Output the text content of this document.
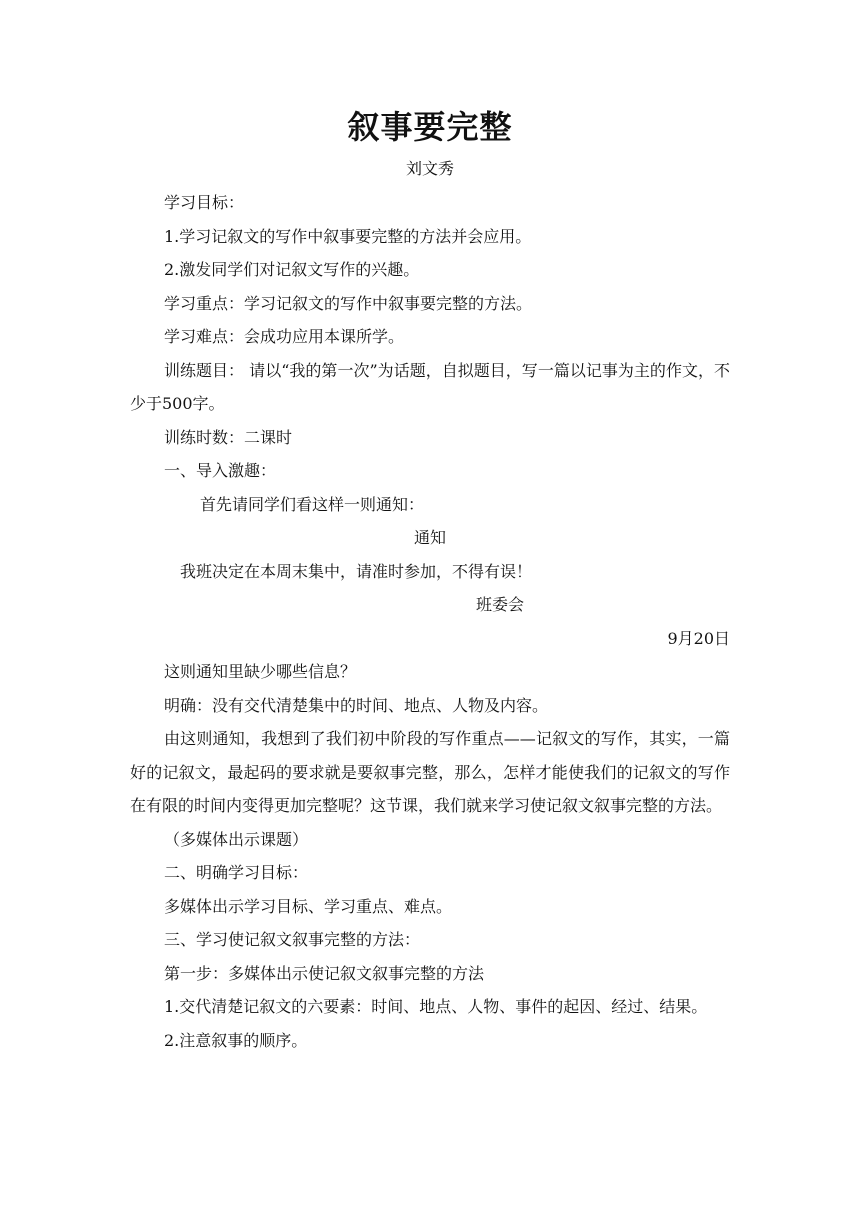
叙事要完整
刘文秀

学习目标：

1.学习记叙文的写作中叙事要完整的方法并会应用。

2.激发同学们对记叙文写作的兴趣。

学习重点：学习记叙文的写作中叙事要完整的方法。

学习难点：会成功应用本课所学。

训练题目： 请以“我的第一次”为话题，自拟题目，写一篇以记事为主的作文，不少于500字。

训练时数：二课时

一、导入激趣：

首先请同学们看这样一则通知：

通知

我班决定在本周末集中，请准时参加，不得有误！

班委会

9月20日

这则通知里缺少哪些信息？

明确：没有交代清楚集中的时间、地点、人物及内容。

由这则通知，我想到了我们初中阶段的写作重点——记叙文的写作，其实，一篇好的记叙文，最起码的要求就是要叙事完整，那么，怎样才能使我们的记叙文的写作在有限的时间内变得更加完整呢？这节课，我们就来学习使记叙文叙事完整的方法。

（多媒体出示课题）

二、明确学习目标：

多媒体出示学习目标、学习重点、难点。

三、学习使记叙文叙事完整的方法：

第一步：多媒体出示使记叙文叙事完整的方法

1.交代清楚记叙文的六要素：时间、地点、人物、事件的起因、经过、结果。

2.注意叙事的顺序。
